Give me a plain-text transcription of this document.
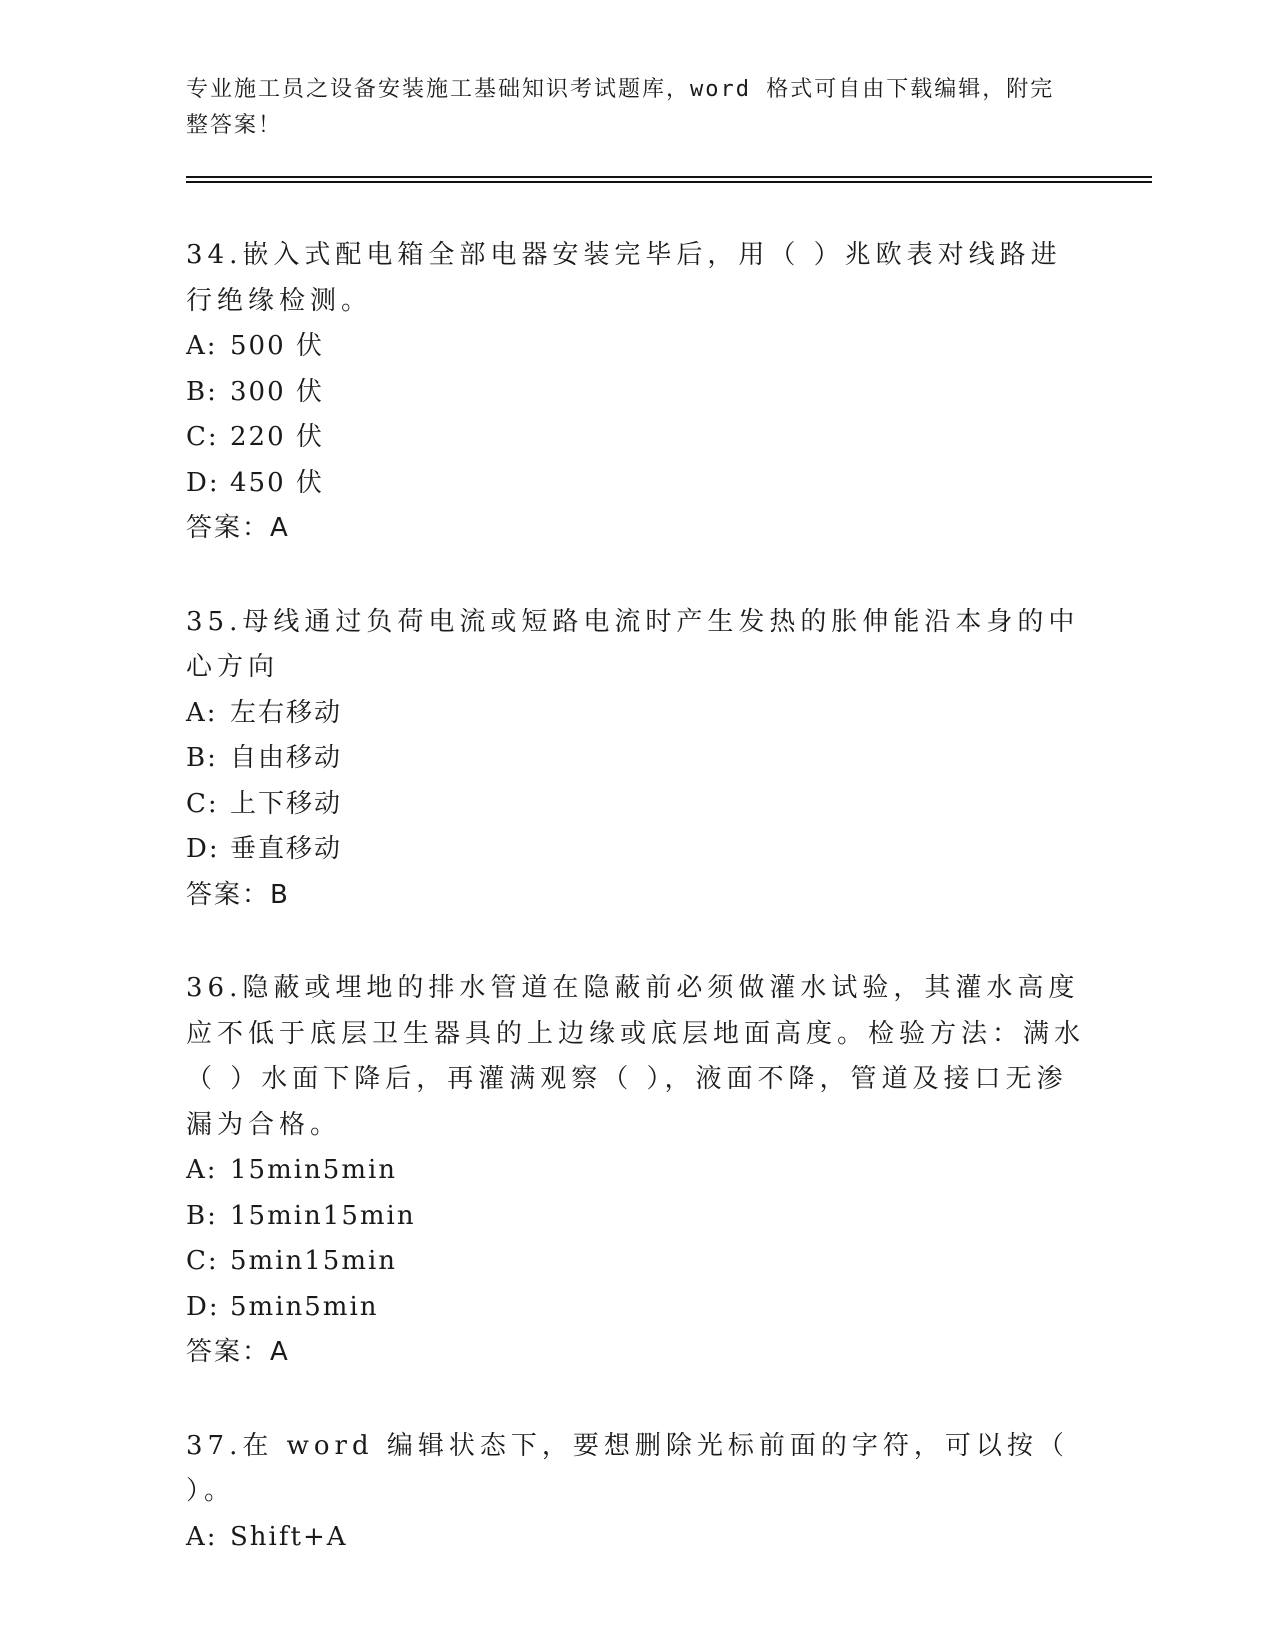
专业施工员之设备安装施工基础知识考试题库，word 格式可自由下载编辑，附完整答案！

34.嵌入式配电箱全部电器安装完毕后，用（ ）兆欧表对线路进行绝缘检测。

A: 500 伏

B: 300 伏

C: 220 伏

D: 450 伏

答案：A

35.母线通过负荷电流或短路电流时产生发热的胀伸能沿本身的中心方向

A: 左右移动

B: 自由移动

C: 上下移动

D: 垂直移动

答案：B

36.隐蔽或埋地的排水管道在隐蔽前必须做灌水试验，其灌水高度应不低于底层卫生器具的上边缘或底层地面高度。检验方法：满水（ ）水面下降后，再灌满观察（ ），液面不降，管道及接口无渗漏为合格。

A: 15min5min

B: 15min15min

C: 5min15min

D: 5min5min

答案：A

37.在 word 编辑状态下，要想删除光标前面的字符，可以按（ ）。

A: Shift+A
